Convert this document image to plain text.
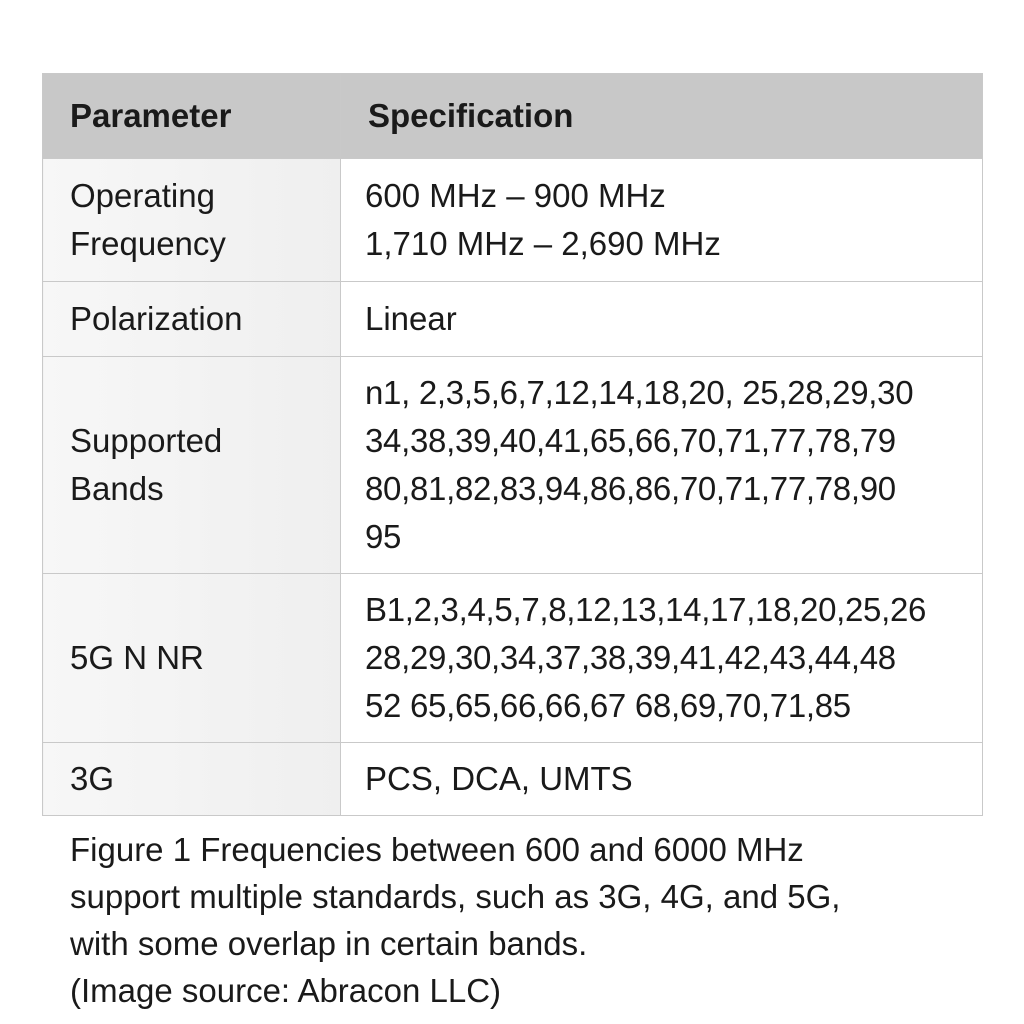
Parameter	Specification

Operating
Frequency	600 MHz – 900 MHz
1,710 MHz – 2,690 MHz

Polarization	Linear

Supported
Bands	n1, 2,3,5,6,7,12,14,18,20, 25,28,29,30
34,38,39,40,41,65,66,70,71,77,78,79
80,81,82,83,94,86,86,70,71,77,78,90
95

5G N NR	B1,2,3,4,5,7,8,12,13,14,17,18,20,25,26
28,29,30,34,37,38,39,41,42,43,44,48
52 65,65,66,66,67 68,69,70,71,85

3G	PCS, DCA, UMTS
Figure 1 Frequencies between 600 and 6000 MHz
support multiple standards, such as 3G, 4G, and 5G,
with some overlap in certain bands.
(Image source: Abracon LLC)
